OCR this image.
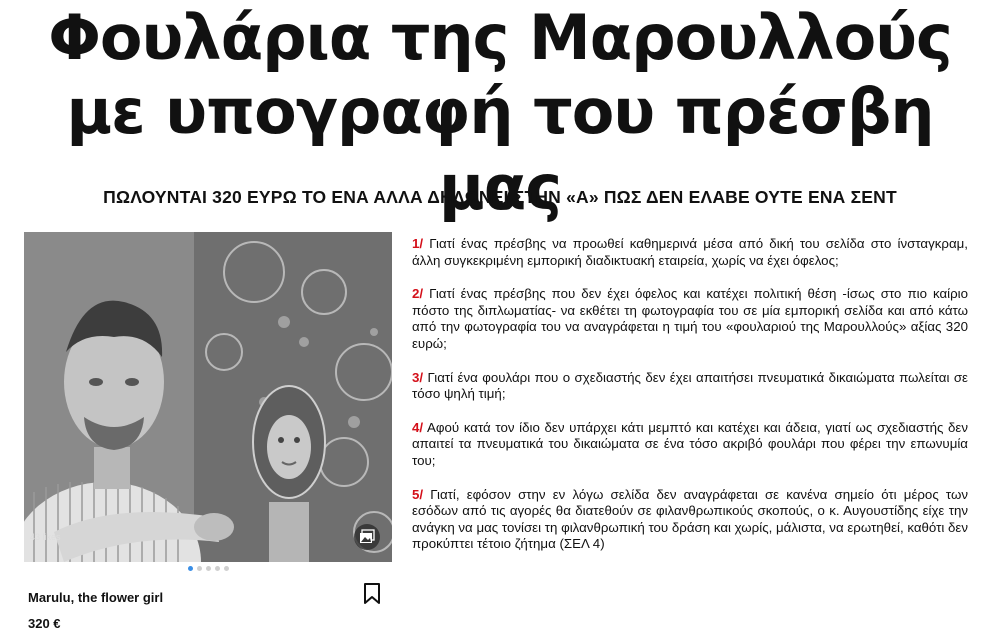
Φουλάρια της Μαρουλλούς
με υπογραφή του πρέσβη μας
ΠΩΛΟΥΝΤΑΙ 320 ΕΥΡΩ ΤΟ ΕΝΑ ΑΛΛΑ ΔΗΛΩΝΕΙ ΣΤΗΝ «Α» ΠΩΣ ΔΕΝ ΕΛΑΒΕ ΟΥΤΕ ΕΝΑ ΣΕΝΤ
43 likes
Marulu, the flower girl
320 €

1/ Γιατί ένας πρέσβης να προωθεί καθημερινά μέσα από δική του σελίδα στο ίνσταγκραμ, άλλη συγκεκριμένη εμπορική διαδικτυακή εταιρεία, χωρίς να έχει όφελος;

2/ Γιατί ένας πρέσβης που δεν έχει όφελος και κατέχει πολιτική θέση -ίσως στο πιο καίριο πόστο της διπλωματίας- να εκθέτει τη φωτογραφία του σε μία εμπορική σελίδα και από κάτω από την φωτογραφία του να αναγράφεται η τιμή του «φουλαριού της Μαρουλλούς» αξίας 320 ευρώ;

3/ Γιατί ένα φουλάρι που ο σχεδιαστής δεν έχει απαιτήσει πνευματικά δικαιώματα πωλείται σε τόσο ψηλή τιμή;

4/ Αφού κατά τον ίδιο δεν υπάρχει κάτι μεμπτό και κατέχει και άδεια, γιατί ως σχεδιαστής δεν απαιτεί τα πνευματικά του δικαιώματα σε ένα τόσο ακριβό φουλάρι που φέρει την επωνυμία του;

5/ Γιατί, εφόσον στην εν λόγω σελίδα δεν αναγράφεται σε κανένα σημείο ότι μέρος των εσόδων από τις αγορές θα διατεθούν σε φιλανθρωπικούς σκοπούς, ο κ. Αυγουστίδης είχε την ανάγκη να μας τονίσει τη φιλανθρωπική του δράση και χωρίς, μάλιστα, να ερωτηθεί, καθότι δεν προκύπτει τέτοιο ζήτημα (ΣΕΛ 4)
